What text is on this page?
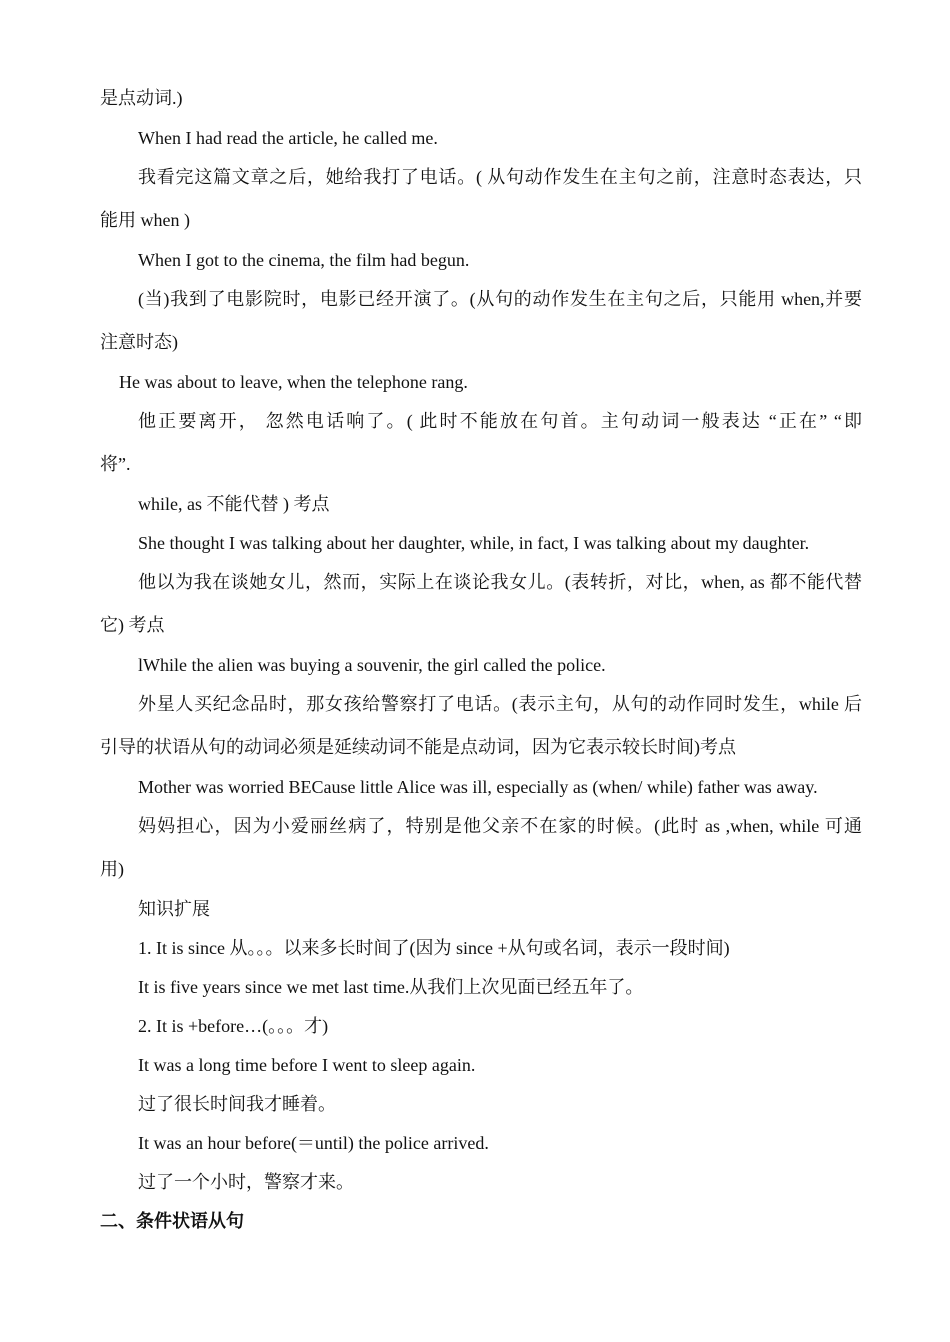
是点动词.)
When I had read the article, he called me.
我看完这篇文章之后，她给我打了电话。( 从句动作发生在主句之前，注意时态表达，只
能用 when )
When I got to the cinema, the film had begun.
(当)我到了电影院时，电影已经开演了。(从句的动作发生在主句之后，只能用 when,并要
注意时态)
He was about to leave, when the telephone rang.
他正要离开， 忽然电话响了。( 此时不能放在句首。主句动词一般表达 “正在” “即
将”.
while, as 不能代替 ) 考点
She thought I was talking about her daughter, while, in fact, I was talking about my daughter.
他以为我在谈她女儿，然而，实际上在谈论我女儿。(表转折，对比，when, as 都不能代替
它) 考点
lWhile the alien was buying a souvenir, the girl called the police.
外星人买纪念品时，那女孩给警察打了电话。(表示主句，从句的动作同时发生，while 后
引导的状语从句的动词必须是延续动词不能是点动词，因为它表示较长时间)考点
Mother was worried BECause little Alice was ill, especially as (when/ while) father was away.
妈妈担心，因为小爱丽丝病了，特别是他父亲不在家的时候。(此时 as ,when, while 可通
用)
知识扩展
1. It is since 从。。。以来多长时间了(因为 since +从句或名词，表示一段时间)
It is five years since we met last time.从我们上次见面已经五年了。
2. It is +before…(。。。才)
It was a long time before I went to sleep again.
过了很长时间我才睡着。
It was an hour before(＝until) the police arrived.
过了一个小时，警察才来。
二、条件状语从句
